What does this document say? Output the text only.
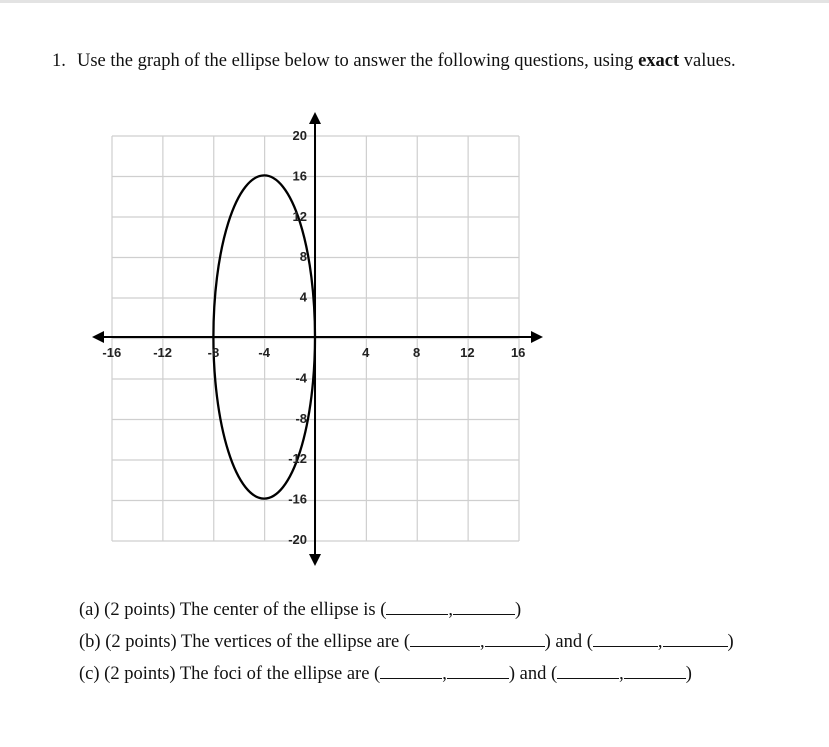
1. Use the graph of the ellipse below to answer the following questions, using exact values.
-16 -12	-8	-4	4	8	12	16
20
16
12
8
4
-4
-8
-12
-16
-20
(a) (2 points) The center of the ellipse is (	,	)
(b) (2 points) The vertices of the ellipse are (	,	) and (	,	)
(c) (2 points) The foci of the ellipse are (	,	) and (	,	)
